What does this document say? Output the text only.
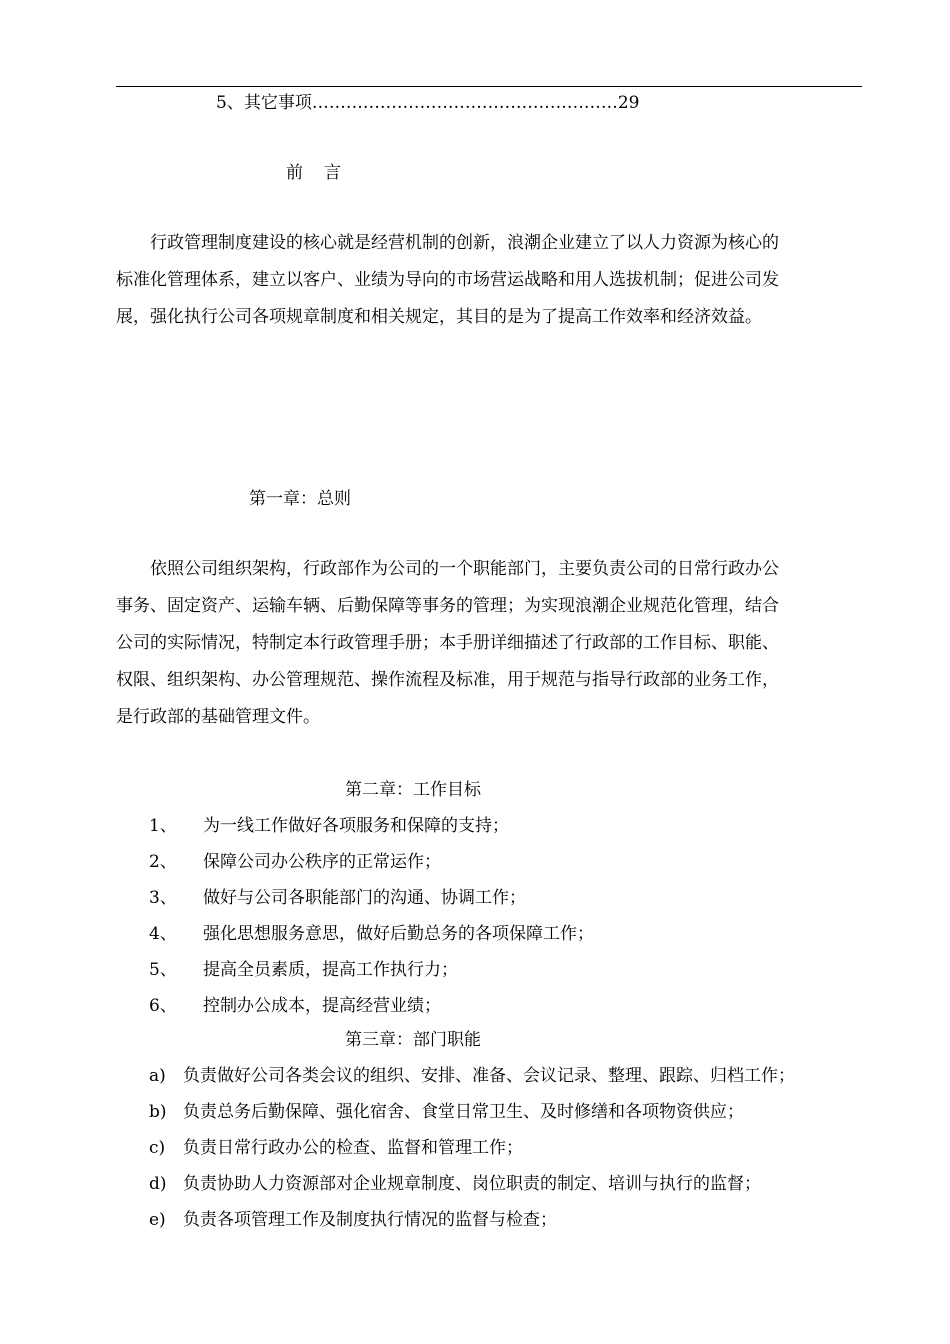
5、其它事项………………………………………………29
前　言
行政管理制度建设的核心就是经营机制的创新，浪潮企业建立了以人力资源为核心的
标准化管理体系，建立以客户、业绩为导向的市场营运战略和用人选拔机制；促进公司发
展，强化执行公司各项规章制度和相关规定，其目的是为了提高工作效率和经济效益。
第一章：总则
依照公司组织架构，行政部作为公司的一个职能部门，主要负责公司的日常行政办公
事务、固定资产、运输车辆、后勤保障等事务的管理；为实现浪潮企业规范化管理，结合
公司的实际情况，特制定本行政管理手册；本手册详细描述了行政部的工作目标、职能、
权限、组织架构、办公管理规范、操作流程及标准，用于规范与指导行政部的业务工作，
是行政部的基础管理文件。
第二章：工作目标
1、 为一线工作做好各项服务和保障的支持；
2、 保障公司办公秩序的正常运作；
3、 做好与公司各职能部门的沟通、协调工作；
4、 强化思想服务意思，做好后勤总务的各项保障工作；
5、 提高全员素质，提高工作执行力；
6、 控制办公成本，提高经营业绩；
第三章：部门职能
a) 负责做好公司各类会议的组织、安排、准备、会议记录、整理、跟踪、归档工作；
b) 负责总务后勤保障、强化宿舍、食堂日常卫生、及时修缮和各项物资供应；
c) 负责日常行政办公的检查、监督和管理工作；
d) 负责协助人力资源部对企业规章制度、岗位职责的制定、培训与执行的监督；
e) 负责各项管理工作及制度执行情况的监督与检查；
